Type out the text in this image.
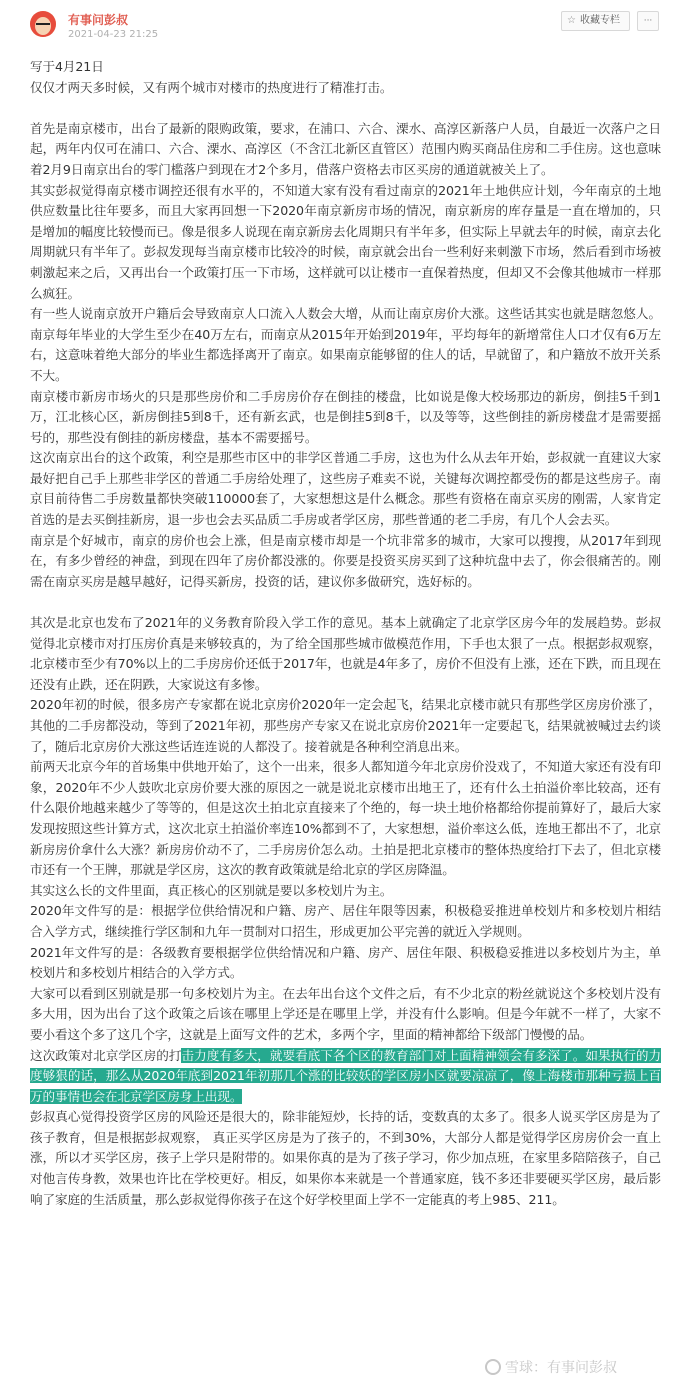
有事问彭叔
2021-04-23 21:25
☆ 收藏专栏	···

写于4月21日

仅仅才两天多时候，又有两个城市对楼市的热度进行了精准打击。

首先是南京楼市，出台了最新的限购政策，要求，在浦口、六合、溧水、高淳区新落户人员，自最近一次落户之日起，两年内仅可在浦口、六合、溧水、高淳区（不含江北新区直管区）范围内购买商品住房和二手住房。这也意味着2月9日南京出台的零门槛落户到现在才2个多月，借落户资格去市区买房的通道就被关上了。

其实彭叔觉得南京楼市调控还很有水平的，不知道大家有没有看过南京的2021年土地供应计划，今年南京的土地供应数量比往年要多，而且大家再回想一下2020年南京新房市场的情况，南京新房的库存量是一直在增加的，只是增加的幅度比较慢而已。像是很多人说现在南京新房去化周期只有半年多，但实际上早就去年的时候，南京去化周期就只有半年了。彭叔发现每当南京楼市比较冷的时候，南京就会出台一些利好来刺激下市场，然后看到市场被刺激起来之后，又再出台一个政策打压一下市场，这样就可以让楼市一直保着热度，但却又不会像其他城市一样那么疯狂。

有一些人说南京放开户籍后会导致南京人口流入人数会大增，从而让南京房价大涨。这些话其实也就是瞎忽悠人。南京每年毕业的大学生至少在40万左右，而南京从2015年开始到2019年，平均每年的新增常住人口才仅有6万左右，这意味着绝大部分的毕业生都选择离开了南京。如果南京能够留的住人的话，早就留了，和户籍放不放开关系不大。

南京楼市新房市场火的只是那些房价和二手房房价存在倒挂的楼盘，比如说是像大校场那边的新房，倒挂5千到1万，江北核心区，新房倒挂5到8千，还有新玄武，也是倒挂5到8千，以及等等，这些倒挂的新房楼盘才是需要摇号的，那些没有倒挂的新房楼盘，基本不需要摇号。

这次南京出台的这个政策，利空是那些市区中的非学区普通二手房，这也为什么从去年开始，彭叔就一直建议大家最好把自己手上那些非学区的普通二手房给处理了，这些房子难卖不说，关键每次调控都受伤的都是这些房子。南京目前待售二手房数量都快突破110000套了，大家想想这是什么概念。那些有资格在南京买房的刚需，人家肯定首选的是去买倒挂新房，退一步也会去买品质二手房或者学区房，那些普通的老二手房，有几个人会去买。

南京是个好城市，南京的房价也会上涨，但是南京楼市却是一个坑非常多的城市，大家可以搜搜，从2017年到现在，有多少曾经的神盘，到现在四年了房价都没涨的。你要是投资买房买到了这种坑盘中去了，你会很痛苦的。刚需在南京买房是越早越好，记得买新房，投资的话，建议你多做研究，选好标的。

其次是北京也发布了2021年的义务教育阶段入学工作的意见。基本上就确定了北京学区房今年的发展趋势。彭叔觉得北京楼市对打压房价真是来够较真的，为了给全国那些城市做模范作用，下手也太狠了一点。根据彭叔观察，北京楼市至少有70%以上的二手房房价还低于2017年，也就是4年多了，房价不但没有上涨，还在下跌，而且现在还没有止跌，还在阴跌，大家说这有多惨。

2020年初的时候，很多房产专家都在说北京房价2020年一定会起飞，结果北京楼市就只有那些学区房房价涨了，其他的二手房都没动，等到了2021年初，那些房产专家又在说北京房价2021年一定要起飞，结果就被喊过去约谈了，随后北京房价大涨这些话连连说的人都没了。接着就是各种利空消息出来。

前两天北京今年的首场集中供地开始了，这个一出来，很多人都知道今年北京房价没戏了，不知道大家还有没有印象，2020年不少人鼓吹北京房价要大涨的原因之一就是说北京楼市出地王了，还有什么土拍溢价率比较高，还有什么限价地越来越少了等等的，但是这次土拍北京直接来了个绝的，每一块土地价格都给你提前算好了，最后大家发现按照这些计算方式，这次北京土拍溢价率连10%都到不了，大家想想，溢价率这么低，连地王都出不了，北京新房房价拿什么大涨？新房房价动不了，二手房房价怎么动。土拍是把北京楼市的整体热度给打下去了，但北京楼市还有一个王牌，那就是学区房，这次的教育政策就是给北京的学区房降温。

其实这么长的文件里面，真正核心的区别就是要以多校划片为主。

2020年文件写的是：根据学位供给情况和户籍、房产、居住年限等因素，积极稳妥推进单校划片和多校划片相结合入学方式，继续推行学区制和九年一贯制对口招生，形成更加公平完善的就近入学规则。

2021年文件写的是：各级教育要根据学位供给情况和户籍、房产、居住年限、积极稳妥推进以多校划片为主，单校划片和多校划片相结合的入学方式。

大家可以看到区别就是那一句多校划片为主。在去年出台这个文件之后，有不少北京的粉丝就说这个多校划片没有多大用，因为出台了这个政策之后该在哪里上学还是在哪里上学，并没有什么影响。但是今年就不一样了，大家不要小看这个多了这几个字，这就是上面写文件的艺术，多两个字，里面的精神都给下级部门慢慢的品。

这次政策对北京学区房的打击力度有多大，就要看底下各个区的教育部门对上面精神领会有多深了。如果执行的力度够狠的话，那么从2020年底到2021年初那几个涨的比较妖的学区房小区就要凉凉了，像上海楼市那种亏损上百万的事情也会在北京学区房身上出现。

彭叔真心觉得投资学区房的风险还是很大的，除非能短炒，长持的话，变数真的太多了。很多人说买学区房是为了孩子教育，但是根据彭叔观察， 真正买学区房是为了孩子的，不到30%，大部分人都是觉得学区房房价会一直上涨，所以才买学区房，孩子上学只是附带的。如果你真的是为了孩子学习，你少加点班，在家里多陪陪孩子，自己对他言传身教，效果也许比在学校更好。相反，如果你本来就是一个普通家庭，钱不多还非要硬买学区房，最后影响了家庭的生活质量，那么彭叔觉得你孩子在这个好学校里面上学不一定能真的考上985、211。

雪球：有事问彭叔
